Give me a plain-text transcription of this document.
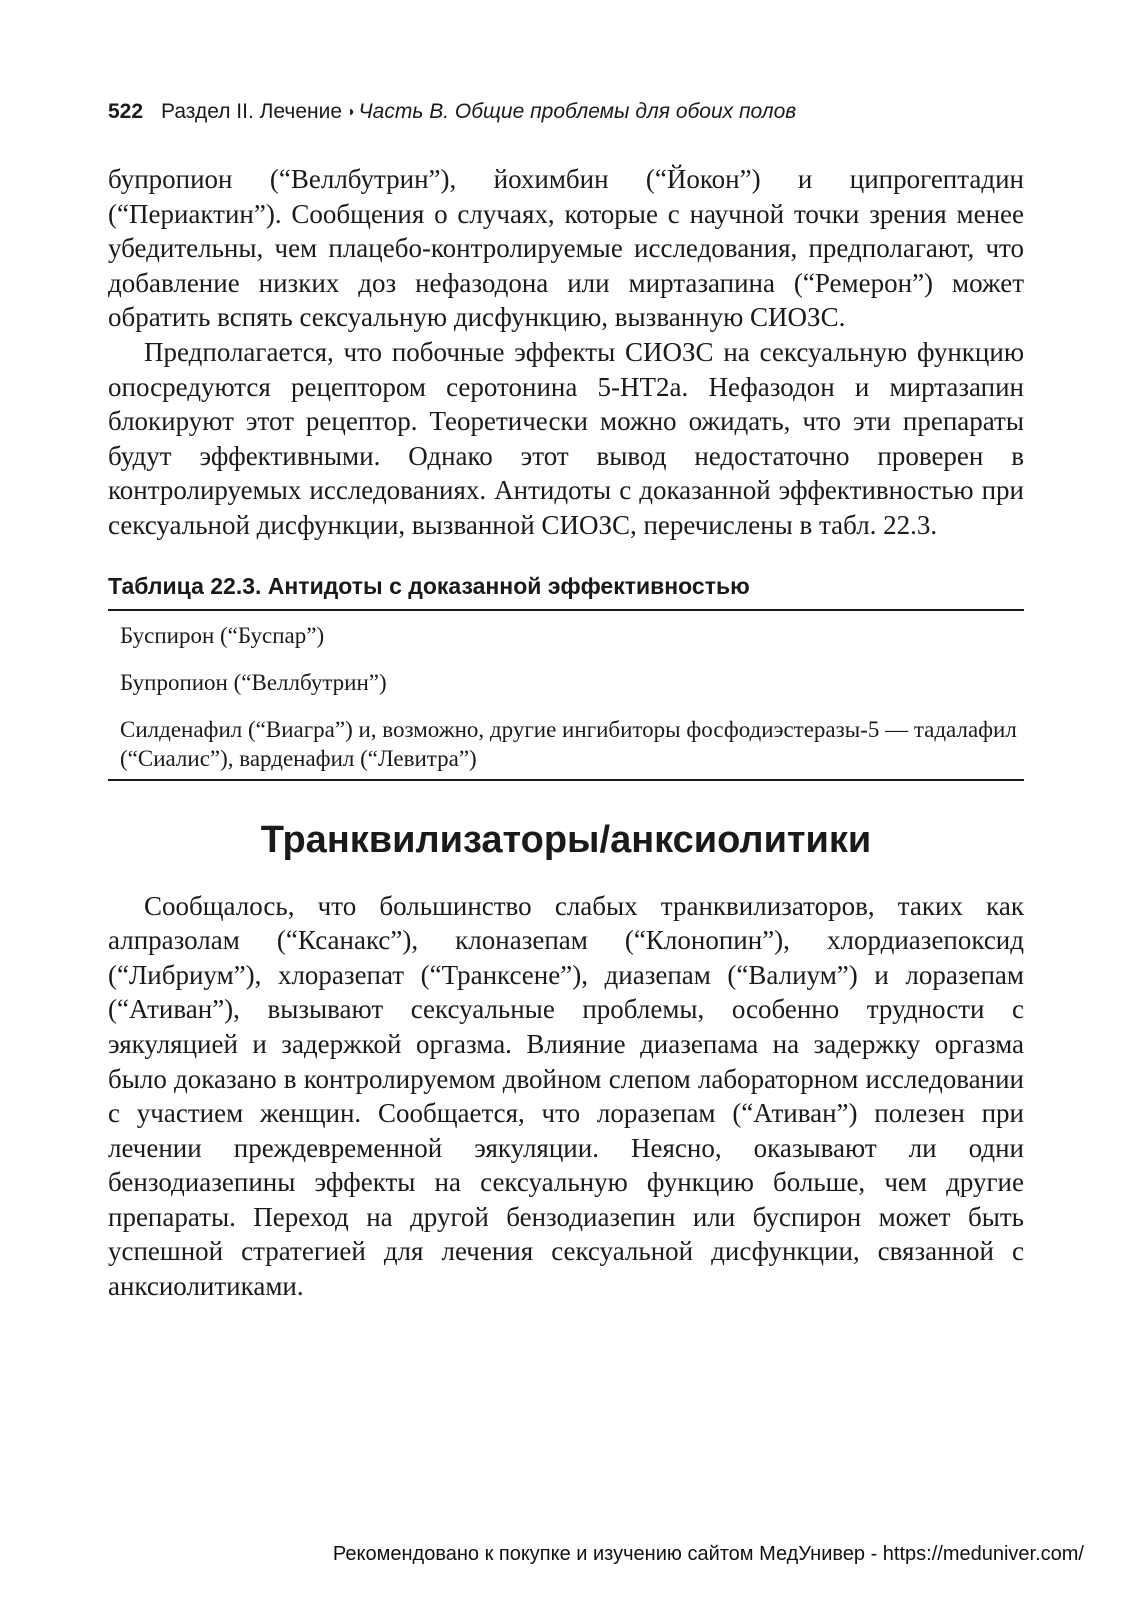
522 Раздел II. Лечение ◑ Часть В. Общие проблемы для обоих полов

бупропион (“Веллбутрин”), йохимбин (“Йокон”) и ципрогептадин (“Периактин”). Сообщения о случаях, которые с научной точки зрения менее убедительны, чем плацебо-контролируемые исследования, предполагают, что добавление низких доз нефазодона или миртазапина (“Ремерон”) может обратить вспять сексуальную дисфункцию, вызванную СИОЗС.

Предполагается, что побочные эффекты СИОЗС на сексуальную функцию опосредуются рецептором серотонина 5-HT2a. Нефазодон и миртазапин блокируют этот рецептор. Теоретически можно ожидать, что эти препараты будут эффективными. Однако этот вывод недостаточно проверен в контролируемых исследованиях. Антидоты с доказанной эффективностью при сексуальной дисфункции, вызванной СИОЗС, перечислены в табл. 22.3.

Таблица 22.3. Антидоты с доказанной эффективностью
Буспирон (“Буспар”)
Бупропион (“Веллбутрин”)
Силденафил (“Виагра”) и, возможно, другие ингибиторы фосфодиэстеразы-5 — тадалафил (“Сиалис”), варденафил (“Левитра”)
Транквилизаторы/анксиолитики

Сообщалось, что большинство слабых транквилизаторов, таких как алпразолам (“Ксанакс”), клоназепам (“Клонопин”), хлордиазепоксид (“Либриум”), хлоразепат (“Транксене”), диазепам (“Валиум”) и лоразепам (“Ативан”), вызывают сексуальные проблемы, особенно трудности с эякуляцией и задержкой оргазма. Влияние диазепама на задержку оргазма было доказано в контролируемом двойном слепом лабораторном исследовании с участием женщин. Сообщается, что лоразепам (“Ативан”) полезен при лечении преждевременной эякуляции. Неясно, оказывают ли одни бензодиазепины эффекты на сексуальную функцию больше, чем другие препараты. Переход на другой бензодиазепин или буспирон может быть успешной стратегией для лечения сексуальной дисфункции, связанной с анксиолитиками.

Рекомендовано к покупке и изучению сайтом МедУнивер - https://meduniver.com/
